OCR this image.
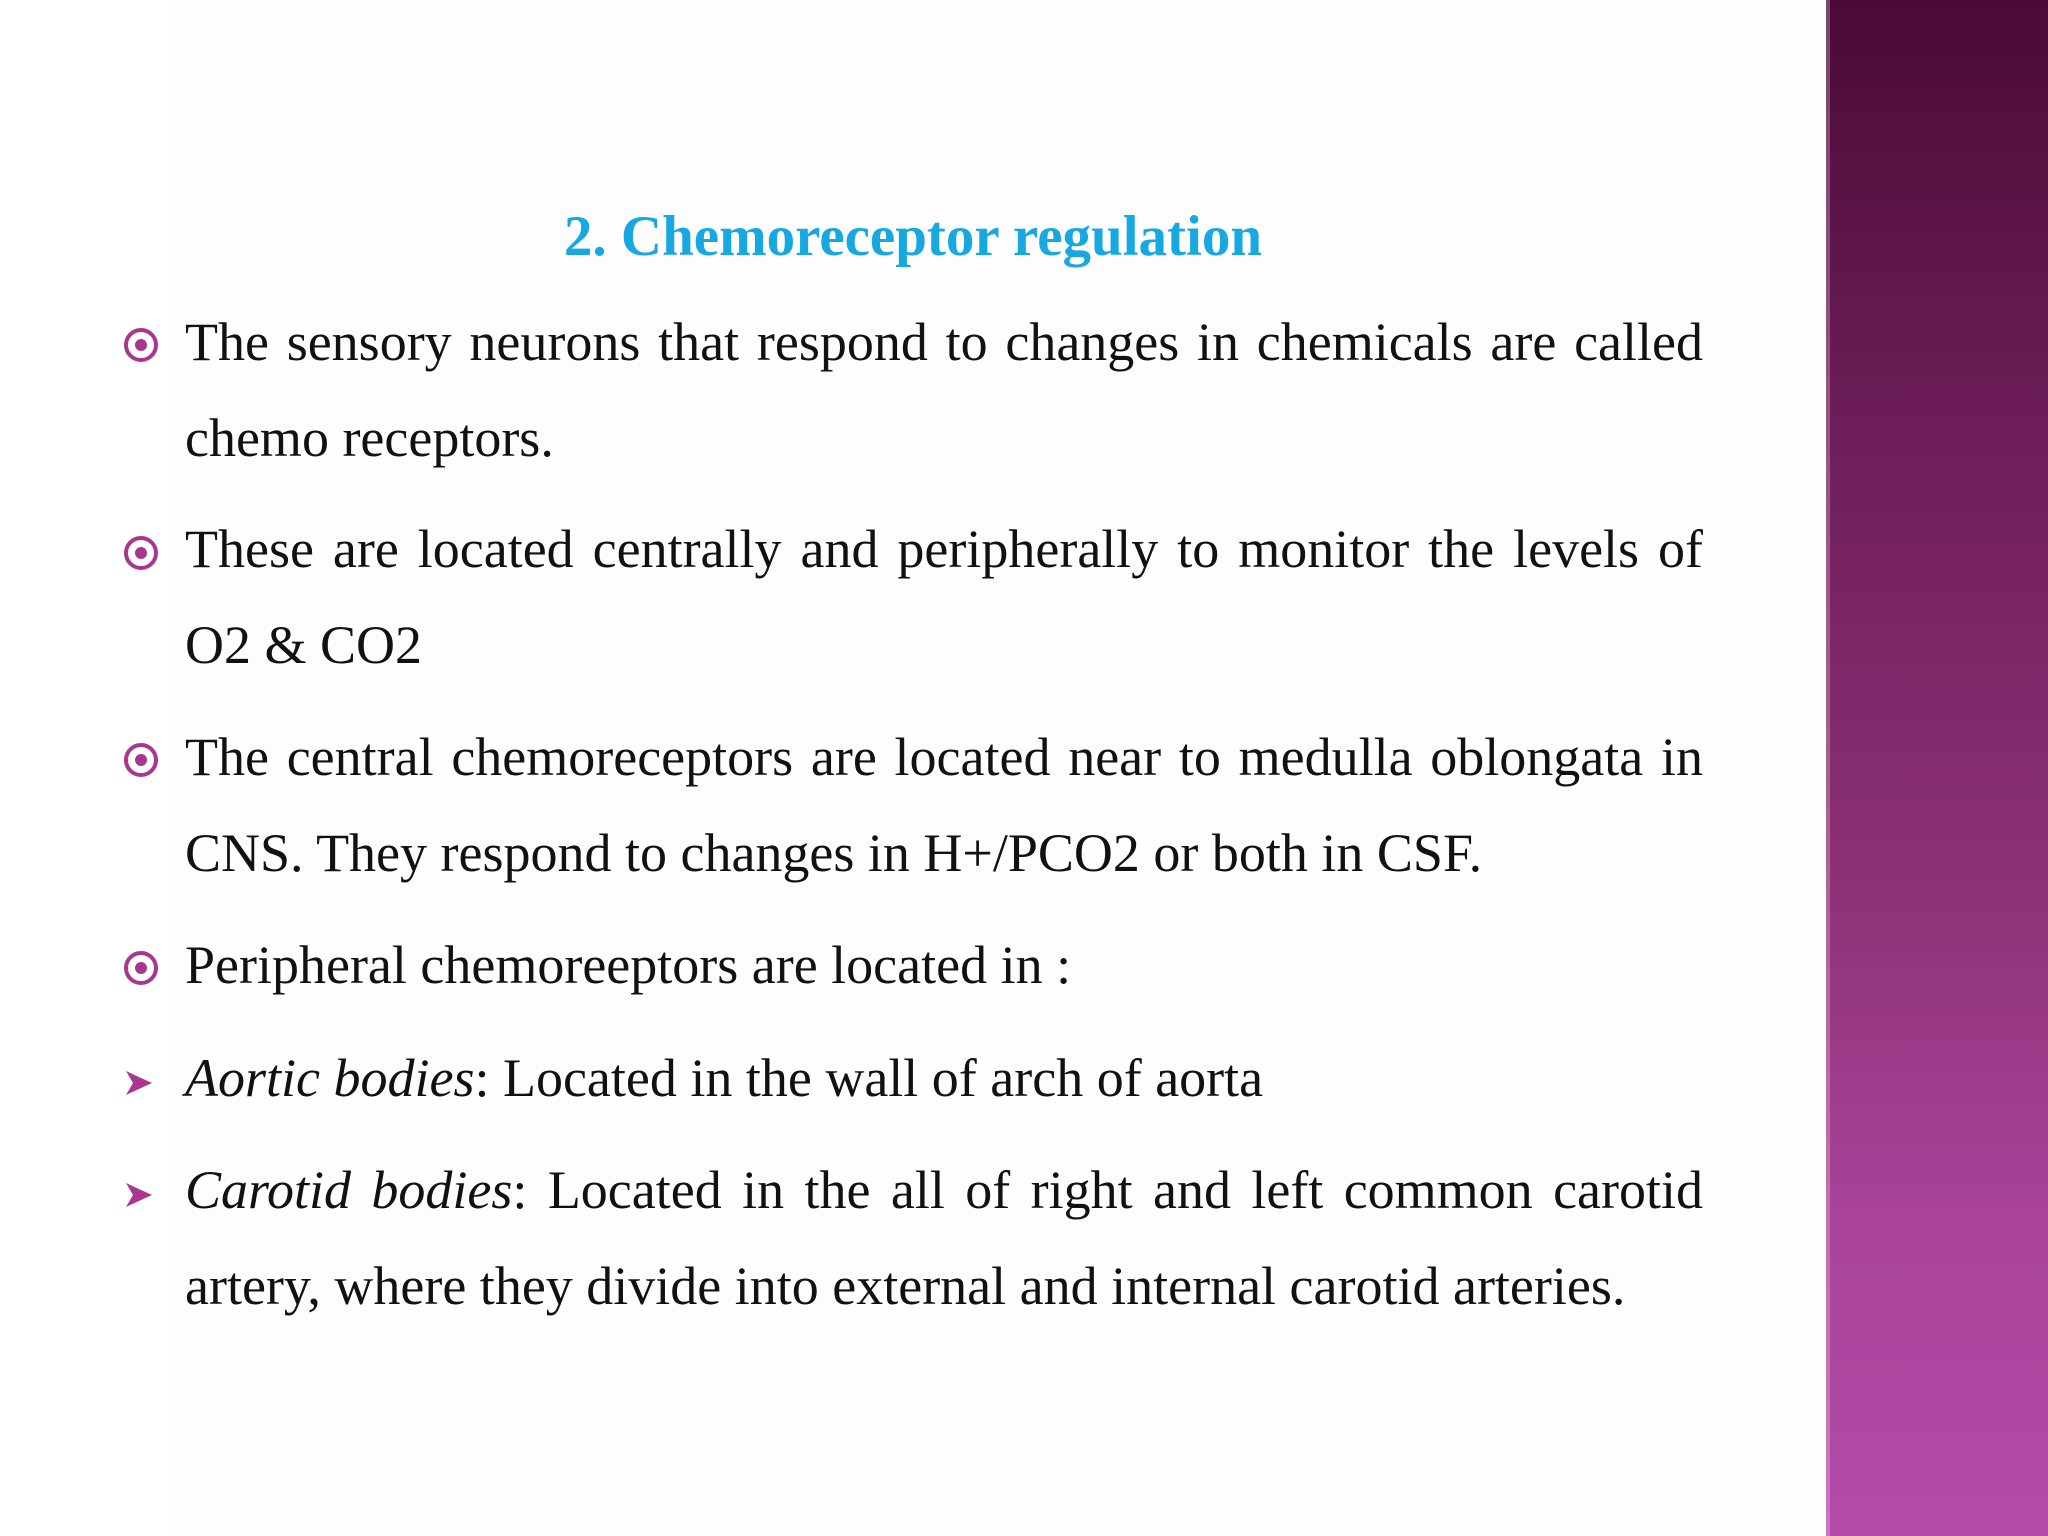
2. Chemoreceptor regulation
The sensory neurons that respond to changes in chemicals are called chemo receptors.
These are located centrally and peripherally to monitor the levels of O2 & CO2
The central chemoreceptors are located near to medulla oblongata in CNS. They respond to changes in H+/PCO2 or both in CSF.
Peripheral chemoreeptors are located in :
Aortic bodies: Located in the wall of arch of aorta
Carotid bodies: Located in the all of right and left common carotid artery, where they divide into external and internal carotid arteries.
